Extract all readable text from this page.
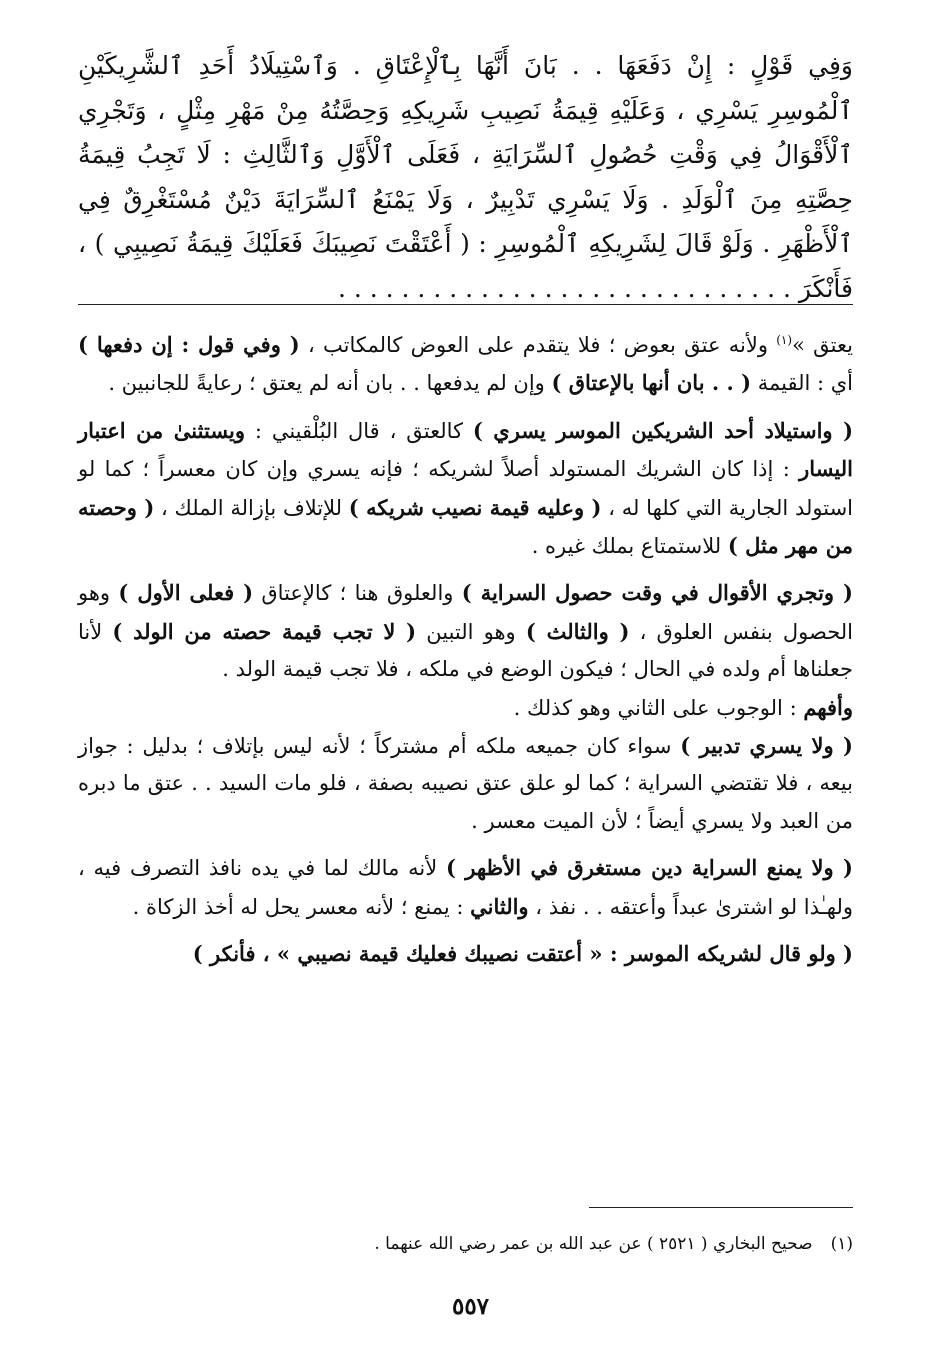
وَفِي قَوْلٍ : إِنْ دَفَعَهَا . . بَانَ أَنَّهَا بِٱلْإِعْتَاقِ . وَٱسْتِيلَادُ أَحَدِ ٱلشَّرِيكَيْنِ ٱلْمُوسِرِ يَسْرِي ، وَعَلَيْهِ قِيمَةُ نَصِيبِ شَرِيكِهِ وَحِصَّتُهُ مِنْ مَهْرِ مِثْلٍ ، وَتَجْرِي ٱلْأَقْوَالُ فِي وَقْتِ حُصُولِ ٱلسِّرَايَةِ ، فَعَلَى ٱلْأَوَّلِ وَٱلثَّالِثِ : لَا تَجِبُ قِيمَةُ حِصَّتِهِ مِنَ ٱلْوَلَدِ . وَلَا يَسْرِي تَدْبِيرٌ ، وَلَا يَمْنَعُ ٱلسِّرَايَةَ دَيْنٌ مُسْتَغْرِقٌ فِي ٱلْأَظْهَرِ . وَلَوْ قَالَ لِشَرِيكِهِ ٱلْمُوسِرِ : ( أَعْتَقْتَ نَصِيبَكَ فَعَلَيْكَ قِيمَةُ نَصِيبِي ) ، فَأَنْكَرَ . . . . . . . . . . . . . . . . . . . . . . . . . . . . .

يعتق »$^{(١)}$ ولأنه عتق بعوض ؛ فلا يتقدم على العوض كالمكاتب ، ( وفي قول : إن دفعها ) أي : القيمة ( . . بان أنها بالإعتاق ) وإن لم يدفعها . . بان أنه لم يعتق ؛ رعايةً للجانبين .

( واستيلاد أحد الشريكين الموسر يسري ) كالعتق ، قال البُلْقيني : ويستثنىٰ من اعتبار اليسار : إذا كان الشريك المستولد أصلاً لشريكه ؛ فإنه يسري وإن كان معسراً ؛ كما لو استولد الجارية التي كلها له ، ( وعليه قيمة نصيب شريكه ) للإتلاف بإزالة الملك ، ( وحصته من مهر مثل ) للاستمتاع بملك غيره .

( وتجري الأقوال في وقت حصول السراية ) والعلوق هنا ؛ كالإعتاق ( فعلى الأول ) وهو الحصول بنفس العلوق ، ( والثالث ) وهو التبين ( لا تجب قيمة حصته من الولد ) لأنا جعلناها أم ولده في الحال ؛ فيكون الوضع في ملكه ، فلا تجب قيمة الولد .

وأفهم : الوجوب على الثاني وهو كذلك .

( ولا يسري تدبير ) سواء كان جميعه ملكه أم مشتركاً ؛ لأنه ليس بإتلاف ؛ بدليل : جواز بيعه ، فلا تقتضي السراية ؛ كما لو علق عتق نصيبه بصفة ، فلو مات السيد . . عتق ما دبره من العبد ولا يسري أيضاً ؛ لأن الميت معسر .

( ولا يمنع السراية دين مستغرق في الأظهر ) لأنه مالك لما في يده نافذ التصرف فيه ، ولهـٰذا لو اشترىٰ عبداً وأعتقه . . نفذ ، والثاني : يمنع ؛ لأنه معسر يحل له أخذ الزكاة .

( ولو قال لشريكه الموسر : « أعتقت نصيبك فعليك قيمة نصيبي » ، فأنكر )

(١)صحيح البخاري ( ٢٥٢١ ) عن عبد الله بن عمر رضي الله عنهما .
٥٥٧
